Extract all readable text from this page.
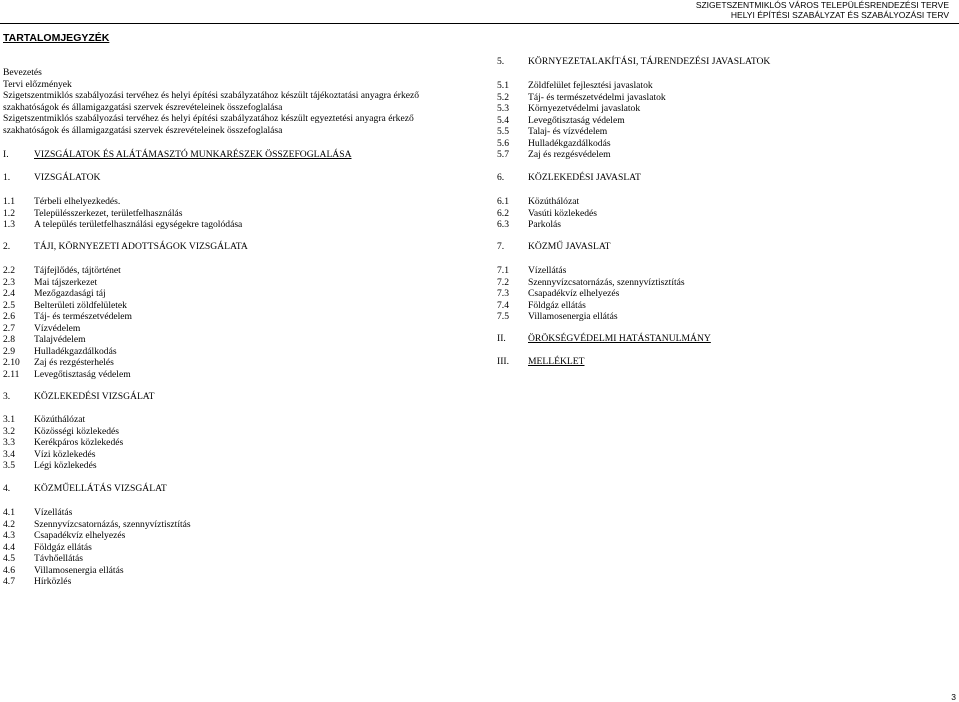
SZIGETSZENTMIKLÓS VÁROS TELEPÜLÉSRENDEZÉSI TERVE
HELYI ÉPÍTÉSI SZABÁLYZAT ÉS SZABÁLYOZÁSI TERV
TARTALOMJEGYZÉK
Bevezetés
Tervi előzmények
Szigetszentmiklós szabályozási tervéhez és helyi építési szabályzatához készült tájékoztatási anyagra érkező
szakhatóságok és államigazgatási szervek észrevételeinek összefoglalása
Szigetszentmiklós szabályozási tervéhez és helyi építési szabályzatához készült egyeztetési anyagra érkező
szakhatóságok és államigazgatási szervek észrevételeinek összefoglalása
I.	VIZSGÁLATOK ÉS ALÁTÁMASZTÓ MUNKARÉSZEK ÖSSZEFOGLALÁSA
1. VIZSGÁLATOK
1.1 Térbeli elhelyezkedés.
1.2 Településszerkezet, területfelhasználás
1.3 A település területfelhasználási egységekre tagolódása
2. TÁJI, KÖRNYEZETI ADOTTSÁGOK VIZSGÁLATA
2.2 Tájfejlődés, tájtörténet
2.3 Mai tájszerkezet
2.4 Mezőgazdasági táj
2.5 Belterületi zöldfelületek
2.6 Táj- és természetvédelem
2.7 Vízvédelem
2.8 Talajvédelem
2.9 Hulladékgazdálkodás
2.10 Zaj és rezgésterhelés
2.11 Levegőtisztaság védelem
3. KÖZLEKEDÉSI VIZSGÁLAT
3.1 Közúthálózat
3.2 Közösségi közlekedés
3.3 Kerékpáros közlekedés
3.4 Vízi közlekedés
3.5 Légi közlekedés
4. KÖZMŰELLÁTÁS VIZSGÁLAT
4.1 Vízellátás
4.2 Szennyvízcsatornázás, szennyvíztisztítás
4.3 Csapadékvíz elhelyezés
4.4 Földgáz ellátás
4.5 Távhőellátás
4.6 Villamosenergia ellátás
4.7 Hírközlés
5. KÖRNYEZETALAKÍTÁSI, TÁJRENDEZÉSI JAVASLATOK
5.1 Zöldfelület fejlesztési javaslatok
5.2 Táj- és természetvédelmi javaslatok
5.3 Környezetvédelmi javaslatok
5.4 Levegőtisztaság védelem
5.5 Talaj- és vízvédelem
5.6 Hulladékgazdálkodás
5.7 Zaj és rezgésvédelem
6. KÖZLEKEDÉSI JAVASLAT
6.1 Közúthálózat
6.2 Vasúti közlekedés
6.3 Parkolás
7. KÖZMŰ JAVASLAT
7.1 Vízellátás
7.2 Szennyvízcsatornázás, szennyvíztisztítás
7.3 Csapadékvíz elhelyezés
7.4 Földgáz ellátás
7.5 Villamosenergia ellátás
II. ÖRÖKSÉGVÉDELMI HATÁSTANULMÁNY
III. MELLÉKLET
3
